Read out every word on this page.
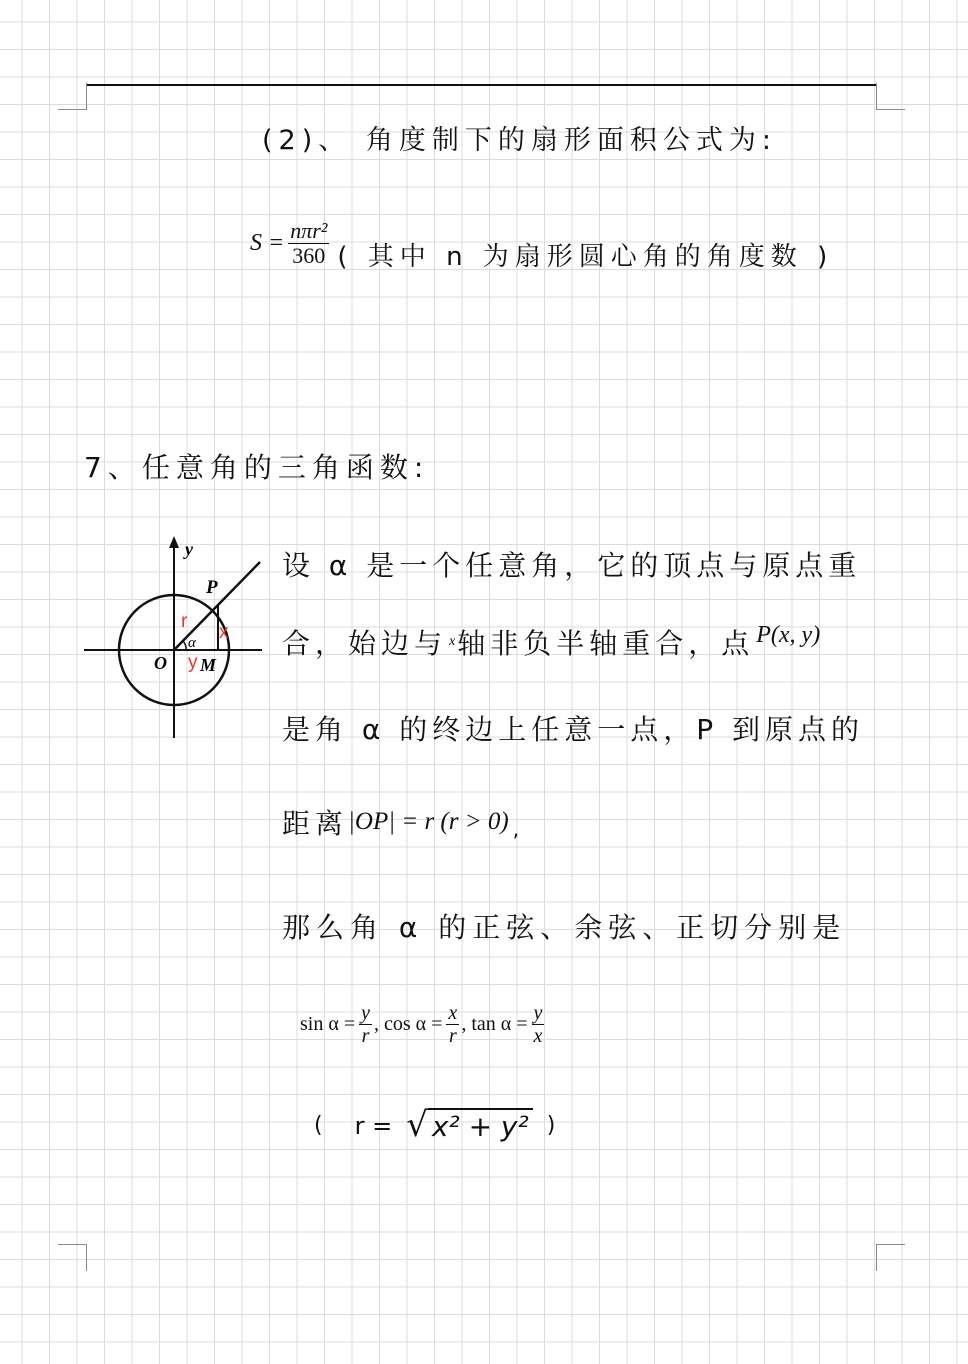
(2)、 角度制下的扇形面积公式为:
$S = \frac{\text{nπr²}}{360}$ ( 其中 n 为扇形圆心角的角度数 )
7、任意角的三角函数:
y
P
O M
α
r
x
y
设 α 是一个任意角，它的顶点与原点重
合，始边与 x 轴非负半轴重合，点 P(x, y)
是角 α 的终边上任意一点，P 到原点的
距离 |OP| = r (r > 0) ,
那么角 α 的正弦、余弦、正切分别是
$\sin \alpha = \frac{y}{r}$ , $\cos \alpha = \frac{x}{r}$ , $\tan \alpha = \frac{y}{x}$
( r = √ x² + y² )
